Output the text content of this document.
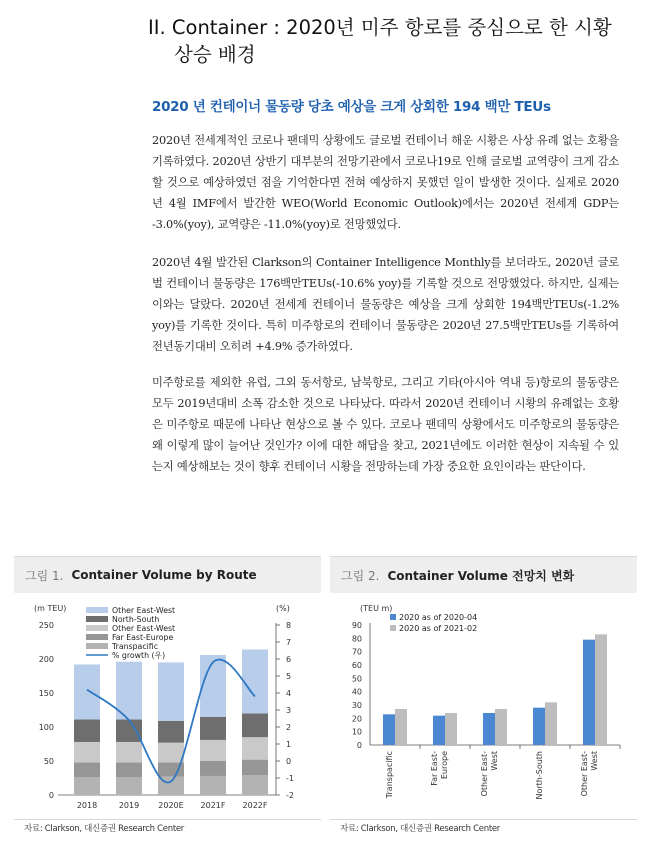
II. Container : 2020년 미주 항로를 중심으로 한 시황
상승 배경
2020 년 컨테이너 물동량 당초 예상을 크게 상회한 194 백만 TEUs
2020년 전세계적인 코로나 팬데믹 상황에도 글로벌 컨테이너 해운 시황은 사상 유례 없는 호황을 기록하였다. 2020년 상반기 대부분의 전망기관에서 코로나19로 인해 글로벌 교역량이 크게 감소할 것으로 예상하였던 점을 기억한다면 전혀 예상하지 못했던 일이 발생한 것이다. 실제로 2020년 4월 IMF에서 발간한 WEO(World Economic Outlook)에서는 2020년 전세계 GDP는 -3.0%(yoy), 교역량은 -11.0%(yoy)로 전망했었다.
2020년 4월 발간된 Clarkson의 Container Intelligence Monthly를 보더라도, 2020년 글로벌 컨테이너 물동량은 176백만TEUs(-10.6% yoy)를 기록할 것으로 전망했었다. 하지만, 실제는 이와는 달랐다. 2020년 전세계 컨테이너 물동량은 예상을 크게 상회한 194백만TEUs(-1.2% yoy)를 기록한 것이다. 특히 미주항로의 컨테이너 물동량은 2020년 27.5백만TEUs를 기록하여 전년동기대비 오히려 +4.9% 증가하였다.
미주항로를 제외한 유럽, 그외 동서항로, 남북항로, 그리고 기타(아시아 역내 등)항로의 물동량은 모두 2019년대비 소폭 감소한 것으로 나타났다. 따라서 2020년 컨테이너 시황의 유례없는 호황은 미주항로 때문에 나타난 현상으로 볼 수 있다. 코로나 팬데믹 상황에서도 미주항로의 물동량은 왜 이렇게 많이 늘어난 것인가? 이에 대한 해답을 찾고, 2021년에도 이러한 현상이 지속될 수 있는지 예상해보는 것이 향후 컨테이너 시황을 전망하는데 가장 중요한 요인이라는 판단이다.
그림 1. Container Volume by Route
(m TEU)	(%)
0
50
100
150
200
250
-2
-1
0
1
2
3
4
5
6
7
8
2018	2019 2020E 2021F 2022F
Other East-West
North-South
Other East-West
Far East-Europe
Transpacific
% growth (우)
그림 2. Container Volume 전망치 변화
(TEU m)
0
10
20
30
40
50
60
70
80
90
Transpacific	Far East-Europe	Other East-West	North-South	Other East-West
2020 as of 2020-04
2020 as of 2021-02
자료: Clarkson, 대신증권 Research Center	자료: Clarkson, 대신증권 Research Center
